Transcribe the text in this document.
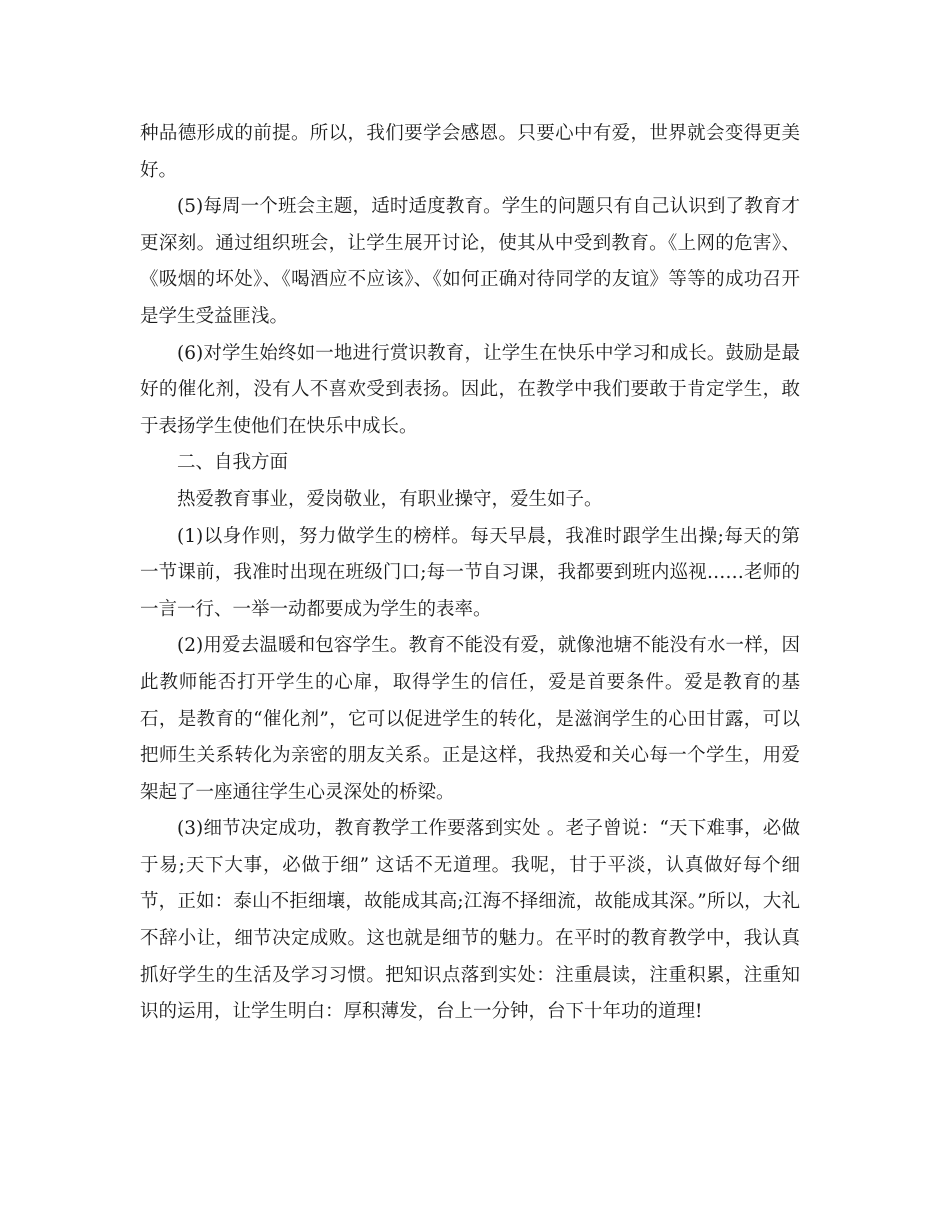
种品德形成的前提。所以，我们要学会感恩。只要心中有爱，世界就会变得更美好。

(5)每周一个班会主题，适时适度教育。学生的问题只有自己认识到了教育才更深刻。通过组织班会，让学生展开讨论，使其从中受到教育。《上网的危害》、《吸烟的坏处》、《喝酒应不应该》、《如何正确对待同学的友谊》等等的成功召开是学生受益匪浅。

(6)对学生始终如一地进行赏识教育，让学生在快乐中学习和成长。鼓励是最好的催化剂，没有人不喜欢受到表扬。因此，在教学中我们要敢于肯定学生，敢于表扬学生使他们在快乐中成长。

二、自我方面

热爱教育事业，爱岗敬业，有职业操守，爱生如子。

(1)以身作则，努力做学生的榜样。每天早晨，我准时跟学生出操;每天的第一节课前，我准时出现在班级门口;每一节自习课，我都要到班内巡视……老师的一言一行、一举一动都要成为学生的表率。

(2)用爱去温暖和包容学生。教育不能没有爱，就像池塘不能没有水一样，因此教师能否打开学生的心扉，取得学生的信任，爱是首要条件。爱是教育的基石，是教育的“催化剂”，它可以促进学生的转化，是滋润学生的心田甘露，可以把师生关系转化为亲密的朋友关系。正是这样，我热爱和关心每一个学生，用爱架起了一座通往学生心灵深处的桥梁。

(3)细节决定成功，教育教学工作要落到实处 。老子曾说：“天下难事，必做于易;天下大事，必做于细” 这话不无道理。我呢，甘于平淡，认真做好每个细节，正如：泰山不拒细壤，故能成其高;江海不择细流，故能成其深。”所以，大礼不辞小让，细节决定成败。这也就是细节的魅力。在平时的教育教学中，我认真抓好学生的生活及学习习惯。把知识点落到实处：注重晨读，注重积累，注重知识的运用，让学生明白：厚积薄发，台上一分钟，台下十年功的道理!
